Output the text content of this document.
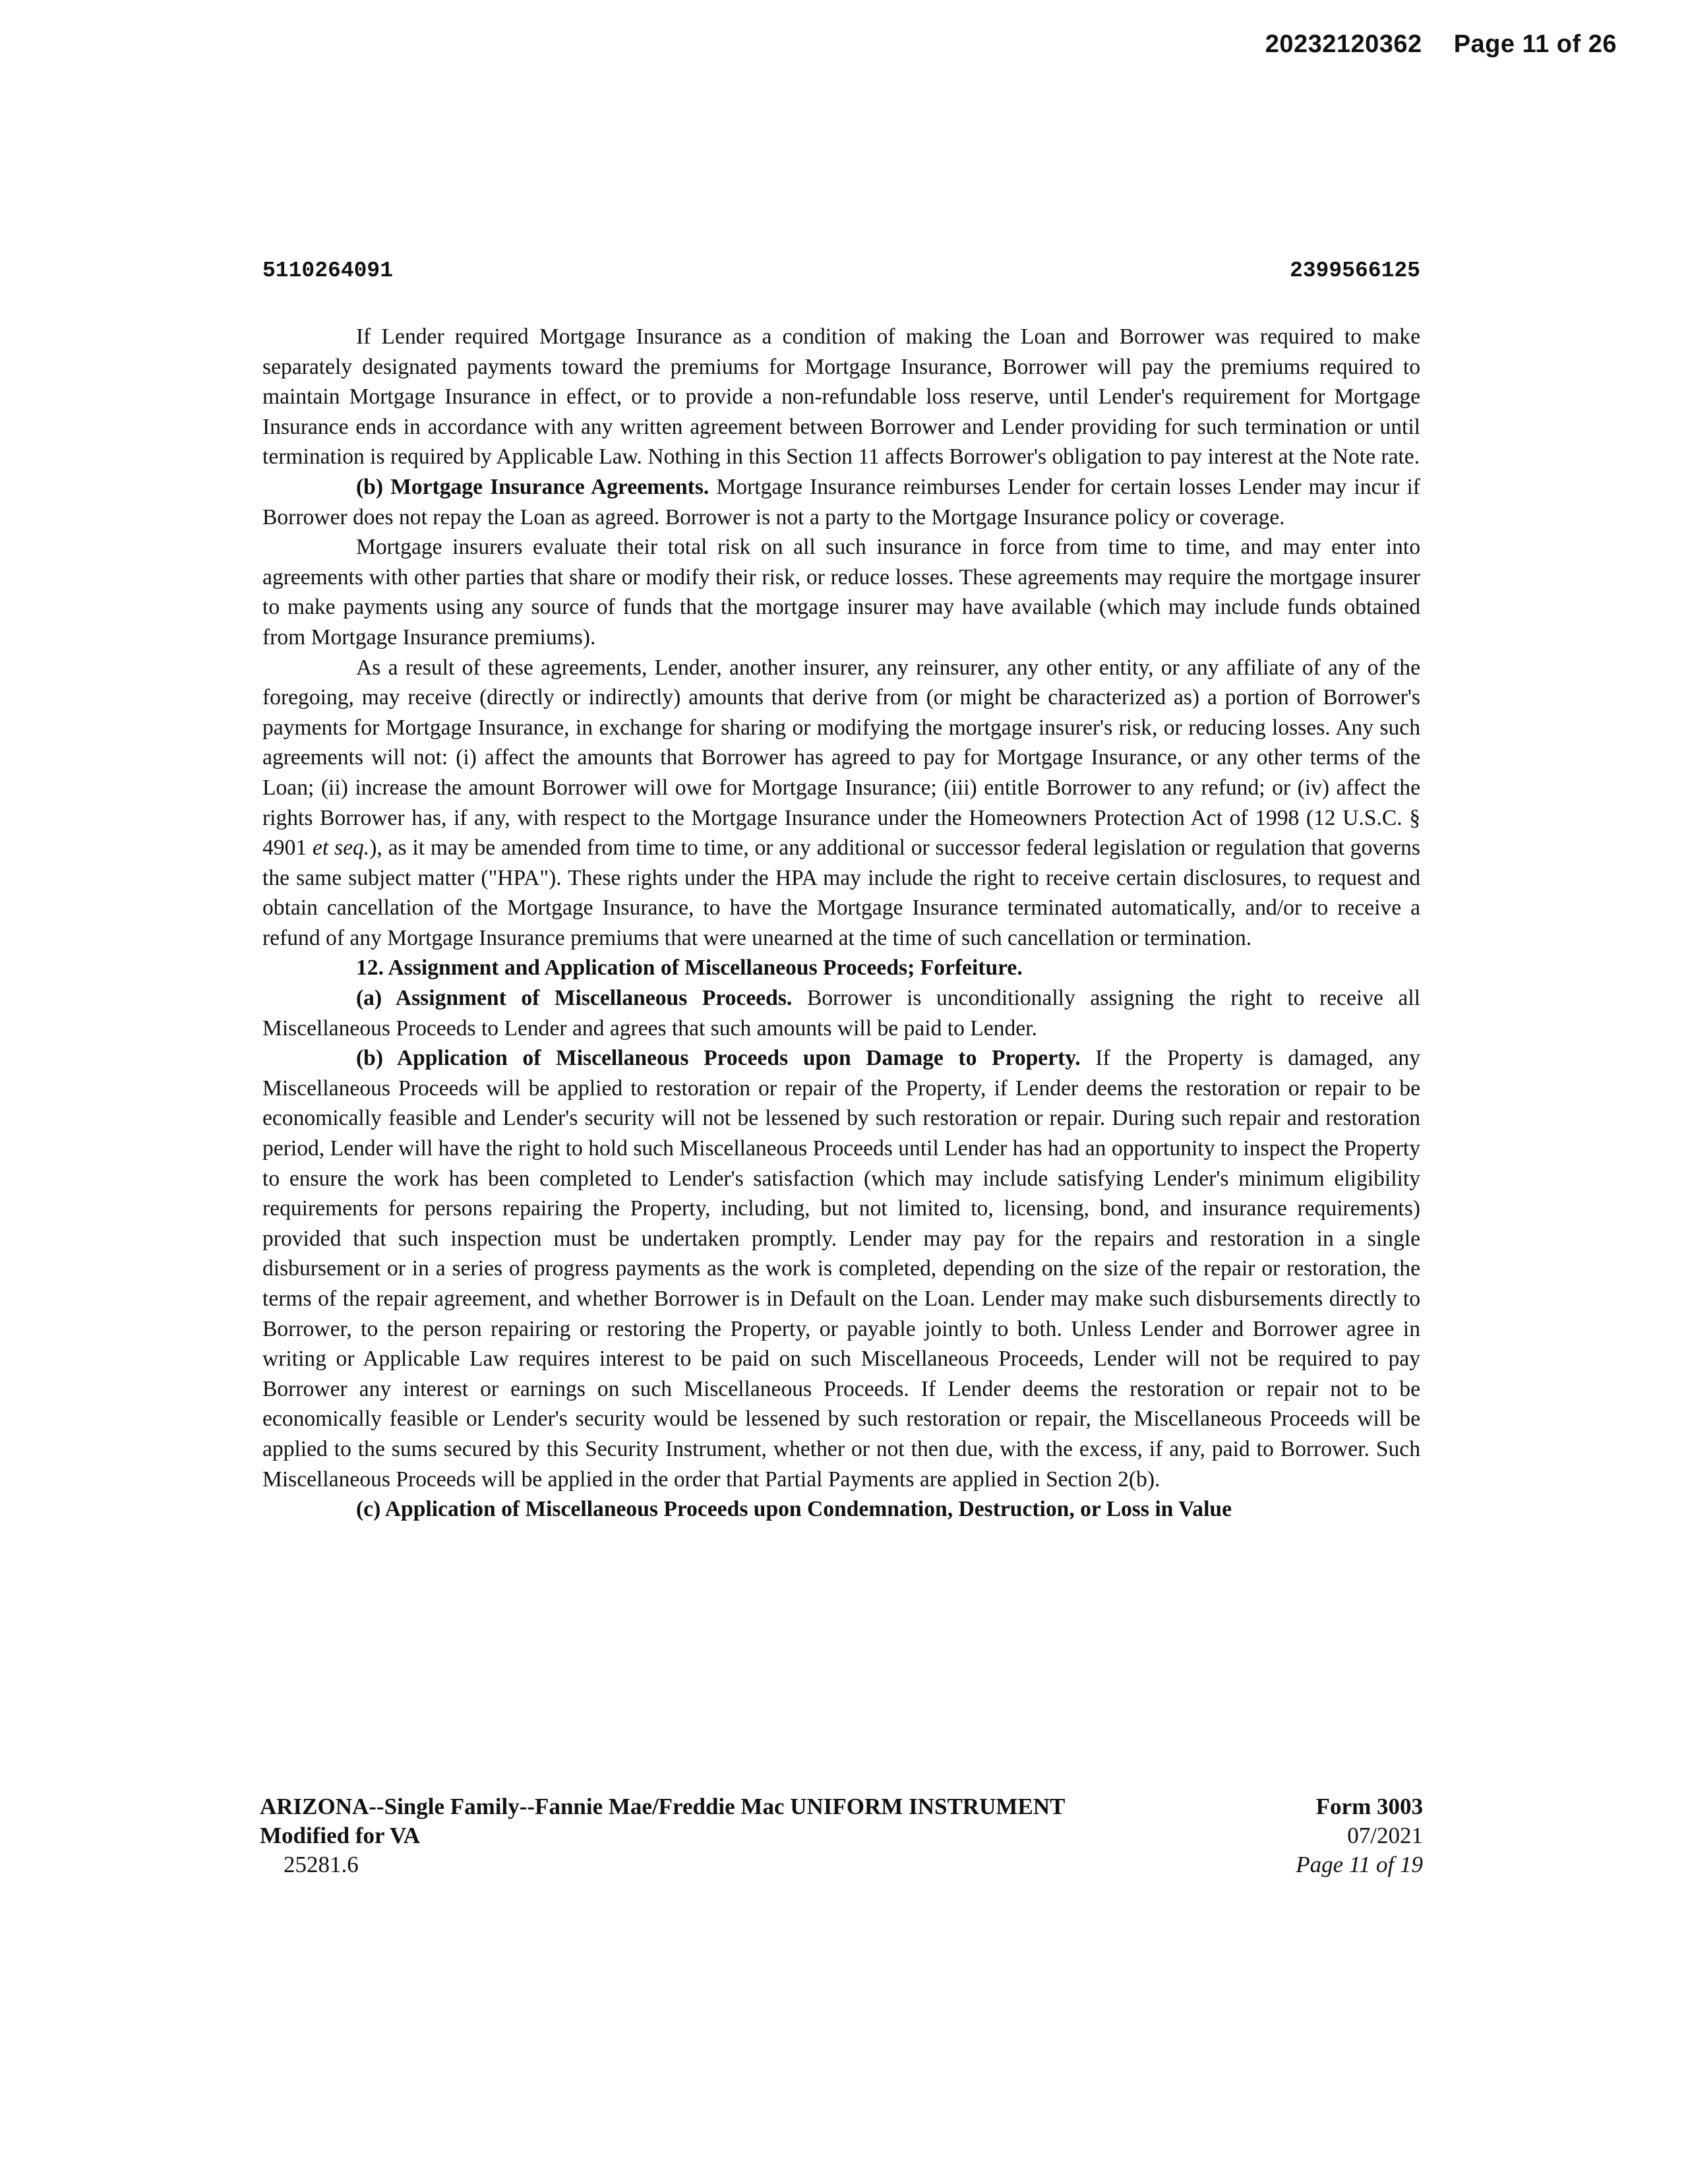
20232120362 Page 11 of 26
5110264091	2399566125

If Lender required Mortgage Insurance as a condition of making the Loan and Borrower was required to make separately designated payments toward the premiums for Mortgage Insurance, Borrower will pay the premiums required to maintain Mortgage Insurance in effect, or to provide a non-refundable loss reserve, until Lender's requirement for Mortgage Insurance ends in accordance with any written agreement between Borrower and Lender providing for such termination or until termination is required by Applicable Law. Nothing in this Section 11 affects Borrower's obligation to pay interest at the Note rate.

(b) Mortgage Insurance Agreements. Mortgage Insurance reimburses Lender for certain losses Lender may incur if Borrower does not repay the Loan as agreed. Borrower is not a party to the Mortgage Insurance policy or coverage.

Mortgage insurers evaluate their total risk on all such insurance in force from time to time, and may enter into agreements with other parties that share or modify their risk, or reduce losses. These agreements may require the mortgage insurer to make payments using any source of funds that the mortgage insurer may have available (which may include funds obtained from Mortgage Insurance premiums).

As a result of these agreements, Lender, another insurer, any reinsurer, any other entity, or any affiliate of any of the foregoing, may receive (directly or indirectly) amounts that derive from (or might be characterized as) a portion of Borrower's payments for Mortgage Insurance, in exchange for sharing or modifying the mortgage insurer's risk, or reducing losses. Any such agreements will not: (i) affect the amounts that Borrower has agreed to pay for Mortgage Insurance, or any other terms of the Loan; (ii) increase the amount Borrower will owe for Mortgage Insurance; (iii) entitle Borrower to any refund; or (iv) affect the rights Borrower has, if any, with respect to the Mortgage Insurance under the Homeowners Protection Act of 1998 (12 U.S.C. § 4901 et seq.), as it may be amended from time to time, or any additional or successor federal legislation or regulation that governs the same subject matter ("HPA"). These rights under the HPA may include the right to receive certain disclosures, to request and obtain cancellation of the Mortgage Insurance, to have the Mortgage Insurance terminated automatically, and/or to receive a refund of any Mortgage Insurance premiums that were unearned at the time of such cancellation or termination.

12. Assignment and Application of Miscellaneous Proceeds; Forfeiture.

(a) Assignment of Miscellaneous Proceeds. Borrower is unconditionally assigning the right to receive all Miscellaneous Proceeds to Lender and agrees that such amounts will be paid to Lender.

(b) Application of Miscellaneous Proceeds upon Damage to Property. If the Property is damaged, any Miscellaneous Proceeds will be applied to restoration or repair of the Property, if Lender deems the restoration or repair to be economically feasible and Lender's security will not be lessened by such restoration or repair. During such repair and restoration period, Lender will have the right to hold such Miscellaneous Proceeds until Lender has had an opportunity to inspect the Property to ensure the work has been completed to Lender's satisfaction (which may include satisfying Lender's minimum eligibility requirements for persons repairing the Property, including, but not limited to, licensing, bond, and insurance requirements) provided that such inspection must be undertaken promptly. Lender may pay for the repairs and restoration in a single disbursement or in a series of progress payments as the work is completed, depending on the size of the repair or restoration, the terms of the repair agreement, and whether Borrower is in Default on the Loan. Lender may make such disbursements directly to Borrower, to the person repairing or restoring the Property, or payable jointly to both. Unless Lender and Borrower agree in writing or Applicable Law requires interest to be paid on such Miscellaneous Proceeds, Lender will not be required to pay Borrower any interest or earnings on such Miscellaneous Proceeds. If Lender deems the restoration or repair not to be economically feasible or Lender's security would be lessened by such restoration or repair, the Miscellaneous Proceeds will be applied to the sums secured by this Security Instrument, whether or not then due, with the excess, if any, paid to Borrower. Such Miscellaneous Proceeds will be applied in the order that Partial Payments are applied in Section 2(b).

(c) Application of Miscellaneous Proceeds upon Condemnation, Destruction, or Loss in Value

ARIZONA--Single Family--Fannie Mae/Freddie Mac UNIFORM INSTRUMENT
Modified for VA
25281.6
Form 3003
07/2021
Page 11 of 19
